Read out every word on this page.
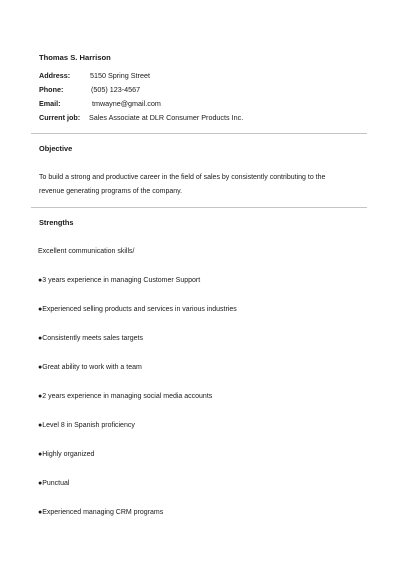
Thomas S. Harrison
Address:	5150 Spring Street
Phone:	(505) 123-4567
Email:	tmwayne@gmail.com
Current job: Sales Associate at DLR Consumer Products Inc.
Objective
To build a strong and productive career in the field of sales by consistently contributing to the revenue generating programs of the company.
Strengths
Excellent communication skills/
●3 years experience in managing Customer Support
●Experienced selling products and services in various industries
●Consistently meets sales targets
●Great ability to work with a team
●2 years experience in managing social media accounts
●Level 8 in Spanish proficiency
●Highly organized
●Punctual
●Experienced managing CRM programs
